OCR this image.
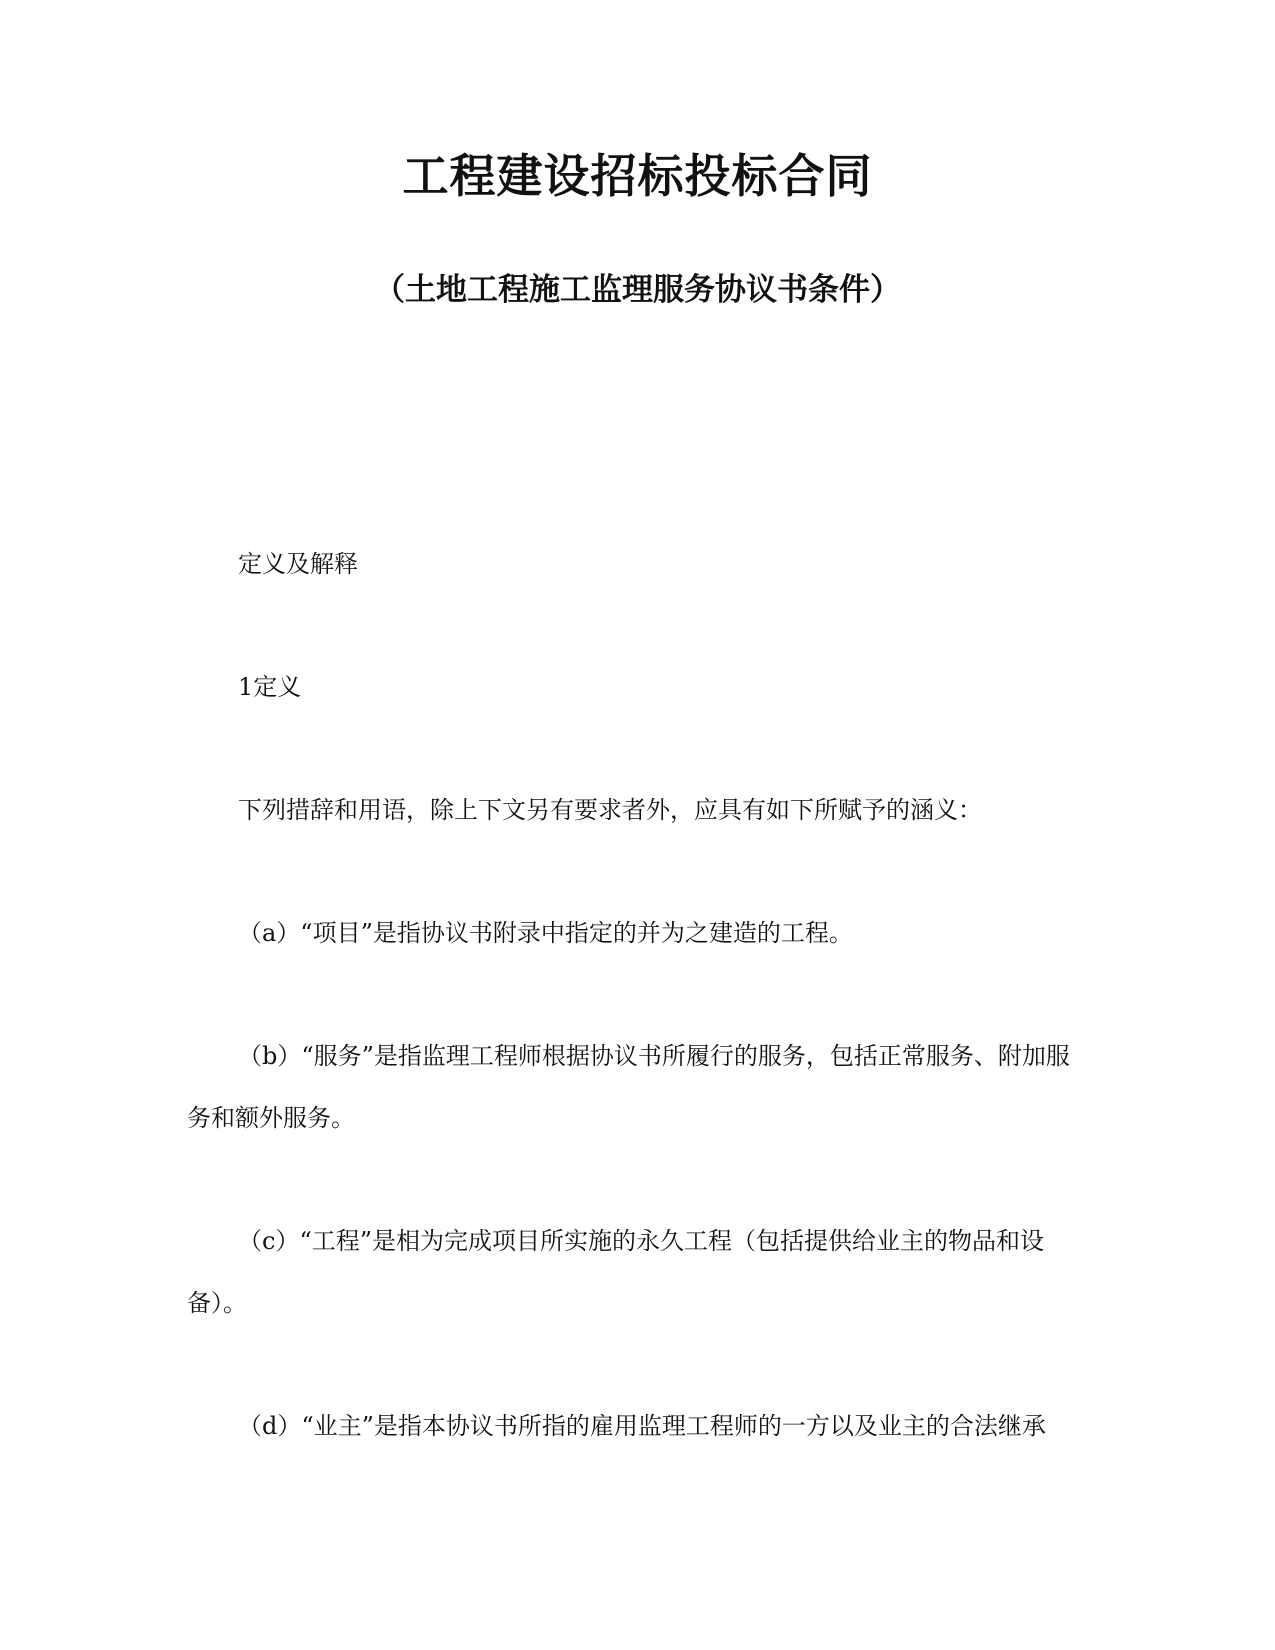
工程建设招标投标合同
（土地工程施工监理服务协议书条件）

定义及解释

1定义

下列措辞和用语，除上下文另有要求者外，应具有如下所赋予的涵义：

（a）“项目”是指协议书附录中指定的并为之建造的工程。

（b）“服务”是指监理工程师根据协议书所履行的服务，包括正常服务、附加服务和额外服务。

（c）“工程”是相为完成项目所实施的永久工程（包括提供给业主的物品和设备）。

（d）“业主”是指本协议书所指的雇用监理工程师的一方以及业主的合法继承
